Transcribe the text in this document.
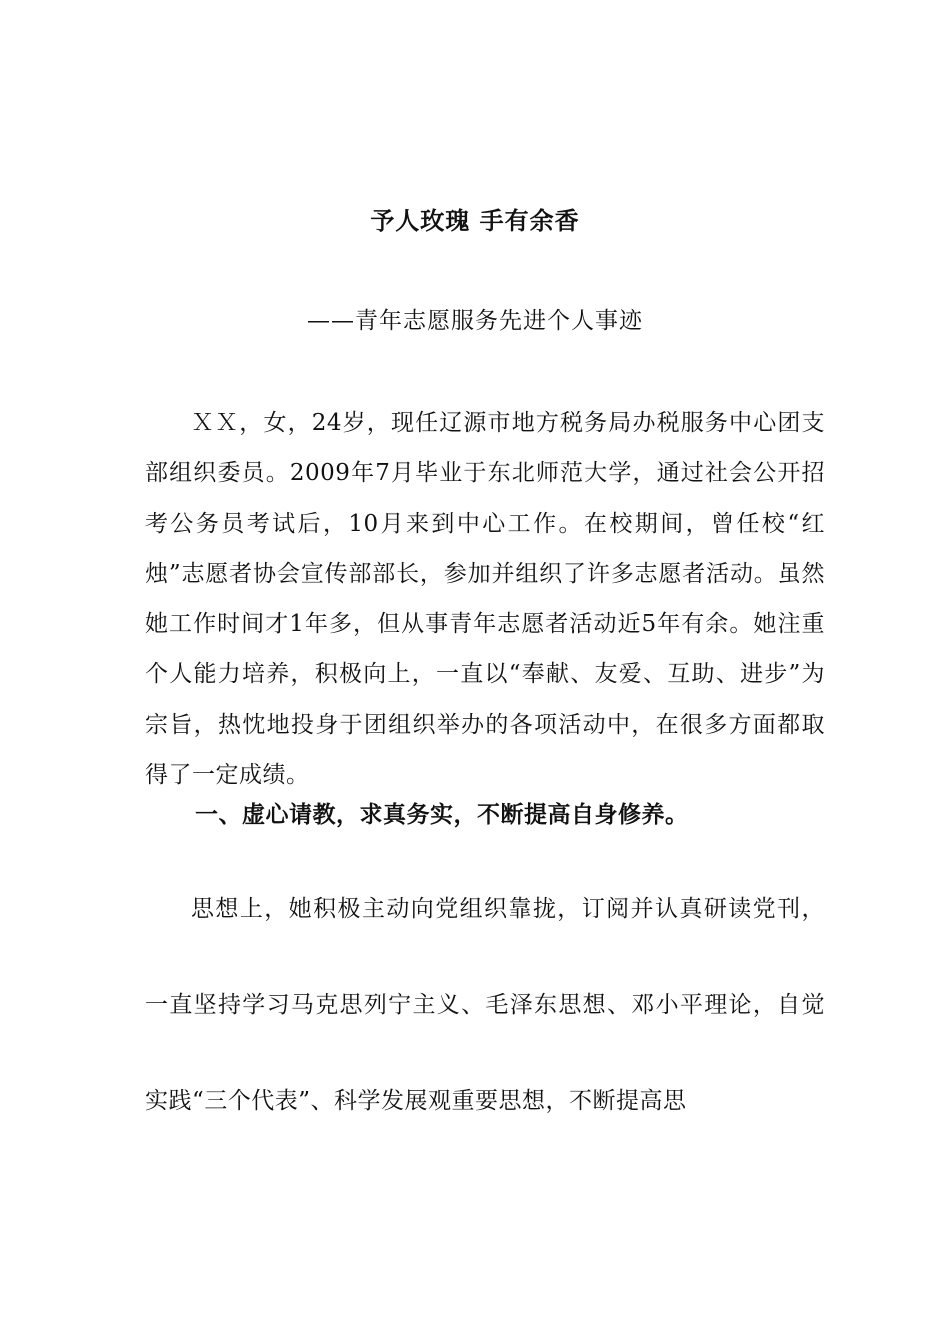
予人玫瑰 手有余香
——青年志愿服务先进个人事迹

ＸＸ，女，24岁，现任辽源市地方税务局办税服务中心团支部组织委员。2009年7月毕业于东北师范大学，通过社会公开招考公务员考试后，10月来到中心工作。在校期间，曾任校“红烛”志愿者协会宣传部部长，参加并组织了许多志愿者活动。虽然她工作时间才1年多，但从事青年志愿者活动近5年有余。她注重个人能力培养，积极向上，一直以“奉献、友爱、互助、进步”为宗旨，热忱地投身于团组织举办的各项活动中，在很多方面都取得了一定成绩。

一、虚心请教，求真务实，不断提高自身修养。

思想上，她积极主动向党组织靠拢，订阅并认真研读党刊，一直坚持学习马克思列宁主义、毛泽东思想、邓小平理论，自觉实践“三个代表”、科学发展观重要思想，不断提高思
